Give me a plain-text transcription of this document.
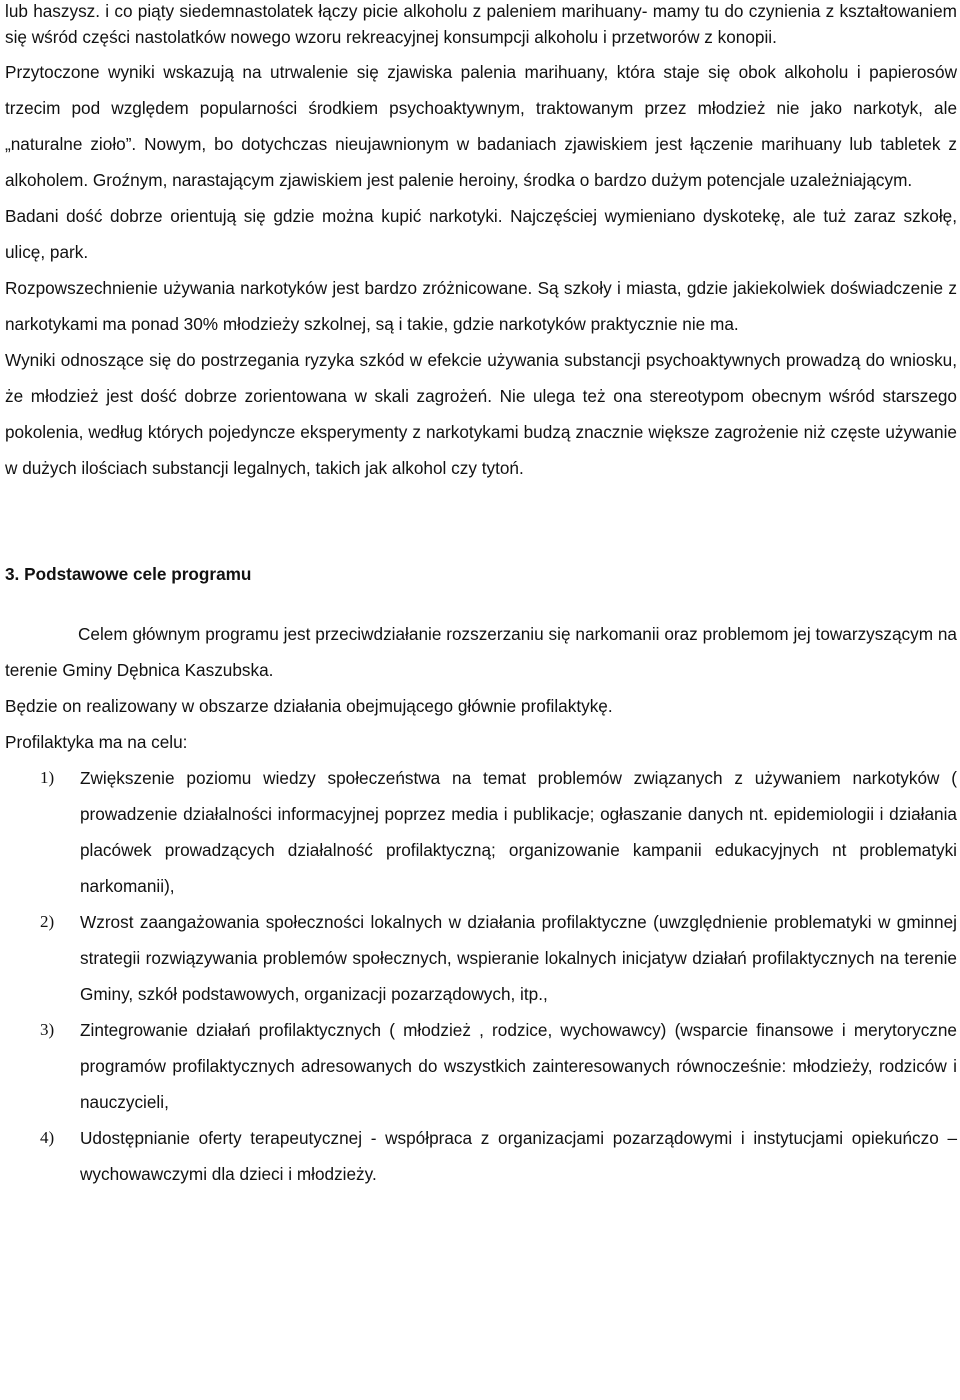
lub haszysz. i co piąty siedemnastolatek łączy picie alkoholu z paleniem marihuany- mamy tu do czynienia z kształtowaniem się wśród części nastolatków nowego wzoru rekreacyjnej konsumpcji alkoholu i przetworów z konopii.

Przytoczone wyniki wskazują na utrwalenie się zjawiska palenia marihuany, która staje się obok alkoholu i papierosów trzecim pod względem popularności środkiem psychoaktywnym, traktowanym przez młodzież nie jako narkotyk, ale „naturalne zioło”. Nowym, bo dotychczas nieujawnionym w badaniach zjawiskiem jest łączenie marihuany lub tabletek z alkoholem. Groźnym, narastającym zjawiskiem jest palenie heroiny, środka o bardzo dużym potencjale uzależniającym.

Badani dość dobrze orientują się gdzie można kupić narkotyki. Najczęściej wymieniano dyskotekę, ale tuż zaraz szkołę, ulicę, park.

Rozpowszechnienie używania narkotyków jest bardzo zróżnicowane. Są szkoły i miasta, gdzie jakiekolwiek doświadczenie z narkotykami ma ponad 30% młodzieży szkolnej, są i takie, gdzie narkotyków praktycznie nie ma.

Wyniki odnoszące się do postrzegania ryzyka szkód w efekcie używania substancji psychoaktywnych prowadzą do wniosku, że młodzież jest dość dobrze zorientowana w skali zagrożeń. Nie ulega też ona stereotypom obecnym wśród starszego pokolenia, według których pojedyncze eksperymenty z narkotykami budzą znacznie większe zagrożenie niż częste używanie w dużych ilościach substancji legalnych, takich jak alkohol czy tytoń.

3. Podstawowe cele programu

Celem głównym programu jest przeciwdziałanie rozszerzaniu się narkomanii oraz problemom jej towarzyszącym na terenie Gminy Dębnica Kaszubska.

Będzie on realizowany w obszarze działania obejmującego głównie profilaktykę.

Profilaktyka ma na celu:

1) Zwiększenie poziomu wiedzy społeczeństwa na temat problemów związanych z używaniem narkotyków ( prowadzenie działalności informacyjnej poprzez media i publikacje; ogłaszanie danych nt. epidemiologii i działania placówek prowadzących działalność profilaktyczną; organizowanie kampanii edukacyjnych nt problematyki narkomanii),
2) Wzrost zaangażowania społeczności lokalnych w działania profilaktyczne (uwzględnienie problematyki w gminnej strategii rozwiązywania problemów społecznych, wspieranie lokalnych inicjatyw działań profilaktycznych na terenie Gminy, szkół podstawowych, organizacji pozarządowych, itp.,
3) Zintegrowanie działań profilaktycznych ( młodzież , rodzice, wychowawcy) (wsparcie finansowe i merytoryczne programów profilaktycznych adresowanych do wszystkich zainteresowanych równocześnie: młodzieży, rodziców i nauczycieli,
4) Udostępnianie oferty terapeutycznej - współpraca z organizacjami pozarządowymi i instytucjami opiekuńczo – wychowawczymi dla dzieci i młodzieży.
